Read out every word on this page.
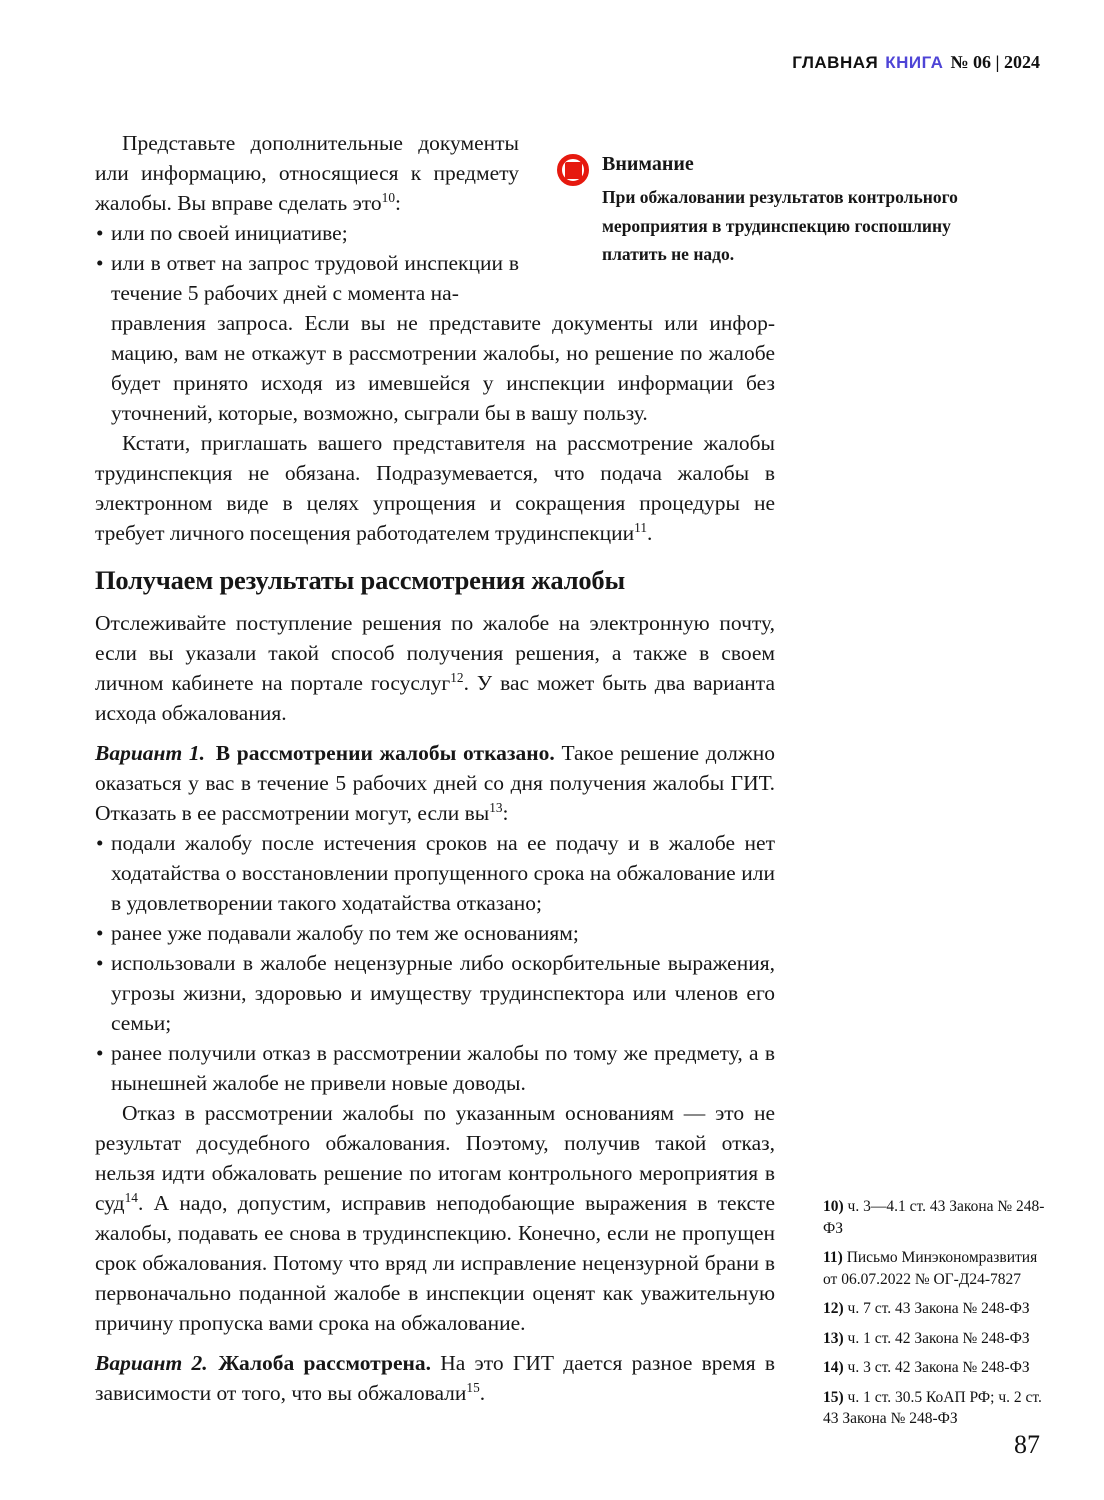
ГЛАВНАЯ КНИГА № 06 | 2024

Внимание

При обжаловании результатов контрольного мероприятия в трудинспекцию госпошлину платить не надо.

Представьте дополнительные документы или информацию, относящиеся к предмету жалобы. Вы вправе сделать это$^{10}$:

• или по своей инициативе;
• или в ответ на запрос трудовой инспекции в течение 5 рабочих дней с момента на-

правления запроса. Если вы не представите документы или информацию, вам не откажут в рассмотрении жалобы, но решение по жалобе будет принято исходя из имевшейся у инспекции информации без уточнений, которые, возможно, сыграли бы в вашу пользу.

Кстати, приглашать вашего представителя на рассмотрение жалобы трудинспекция не обязана. Подразумевается, что подача жалобы в электронном виде в целях упрощения и сокращения процедуры не требует личного посещения работодателем трудинспекции$^{11}$.

Получаем результаты рассмотрения жалобы

Отслеживайте поступление решения по жалобе на электронную почту, если вы указали такой способ получения решения, а также в своем личном кабинете на портале госуслуг$^{12}$. У вас может быть два варианта исхода обжалования.

Вариант 1. В рассмотрении жалобы отказано. Такое решение должно оказаться у вас в течение 5 рабочих дней со дня получения жалобы ГИТ. Отказать в ее рассмотрении могут, если $вы^{13}$:

• подали жалобу после истечения сроков на ее подачу и в жалобе нет ходатайства о восстановлении пропущенного срока на обжалование или в удовлетворении такого ходатайства отказано;
• ранее уже подавали жалобу по тем же основаниям;
• использовали в жалобе нецензурные либо оскорбительные выражения, угрозы жизни, здоровью и имуществу трудинспектора или членов его семьи;
• ранее получили отказ в рассмотрении жалобы по тому же предмету, а в нынешней жалобе не привели новые доводы.

Отказ в рассмотрении жалобы по указанным основаниям — это не результат досудебного обжалования. Поэтому, получив такой отказ, нельзя идти обжаловать решение по итогам контрольного мероприятия в суд$^{14}$. А надо, допустим, исправив неподобающие выражения в тексте жалобы, подавать ее снова в трудинспекцию. Конечно, если не пропущен срок обжалования. Потому что вряд ли исправление нецензурной брани в первоначально поданной жалобе в инспекции оценят как уважительную причину пропуска вами срока на обжалование.

Вариант 2. Жалоба рассмотрена. На это ГИТ дается разное время в зависимости от того, что вы обжаловали$^{15}$.

10) ч. 3—4.1 ст. 43 Закона № 248-ФЗ

11) Письмо Минэкономразвития от 06.07.2022 № ОГ-Д24-7827

12) ч. 7 ст. 43 Закона № 248-ФЗ

13) ч. 1 ст. 42 Закона № 248-ФЗ

14) ч. 3 ст. 42 Закона № 248-ФЗ

15) ч. 1 ст. 30.5 КоАП РФ; ч. 2 ст. 43 Закона № 248-ФЗ

87
